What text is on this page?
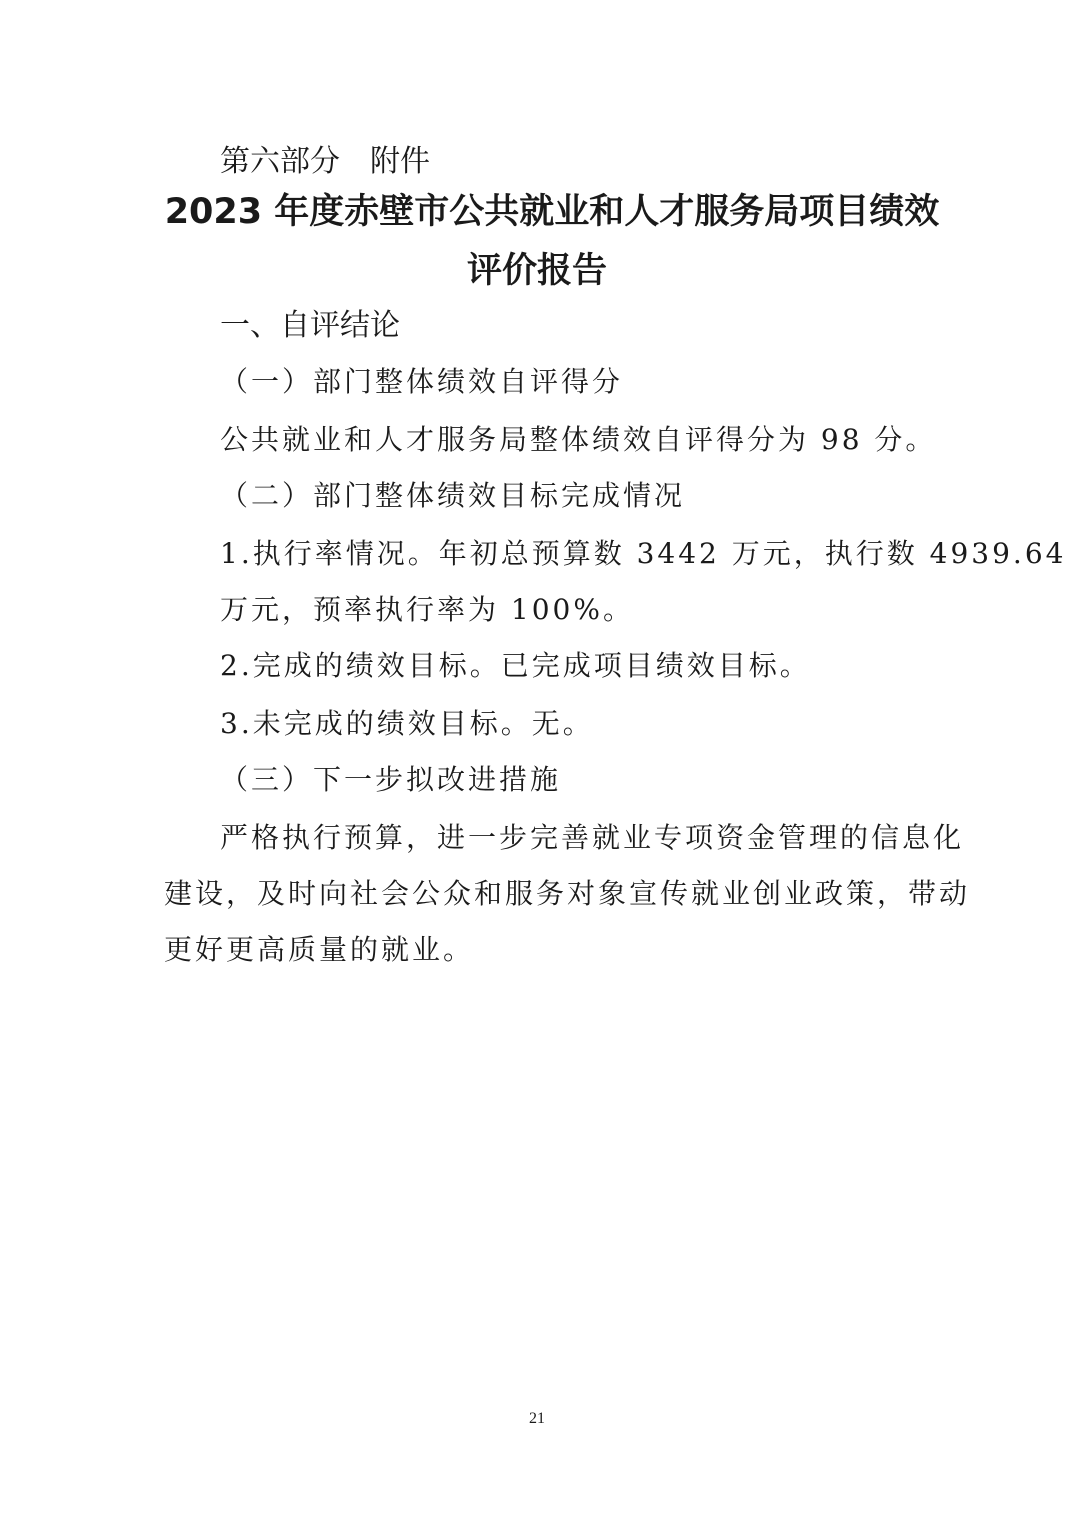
第六部分　附件
2023 年度赤壁市公共就业和人才服务局项目绩效
评价报告
一、自评结论
（一）部门整体绩效自评得分
公共就业和人才服务局整体绩效自评得分为 98 分。
（二）部门整体绩效目标完成情况
1.执行率情况。年初总预算数 3442 万元，执行数 4939.64
万元，预率执行率为 100%。
2.完成的绩效目标。已完成项目绩效目标。
3.未完成的绩效目标。无。
（三）下一步拟改进措施
严格执行预算，进一步完善就业专项资金管理的信息化
建设，及时向社会公众和服务对象宣传就业创业政策，带动
更好更高质量的就业。
21
